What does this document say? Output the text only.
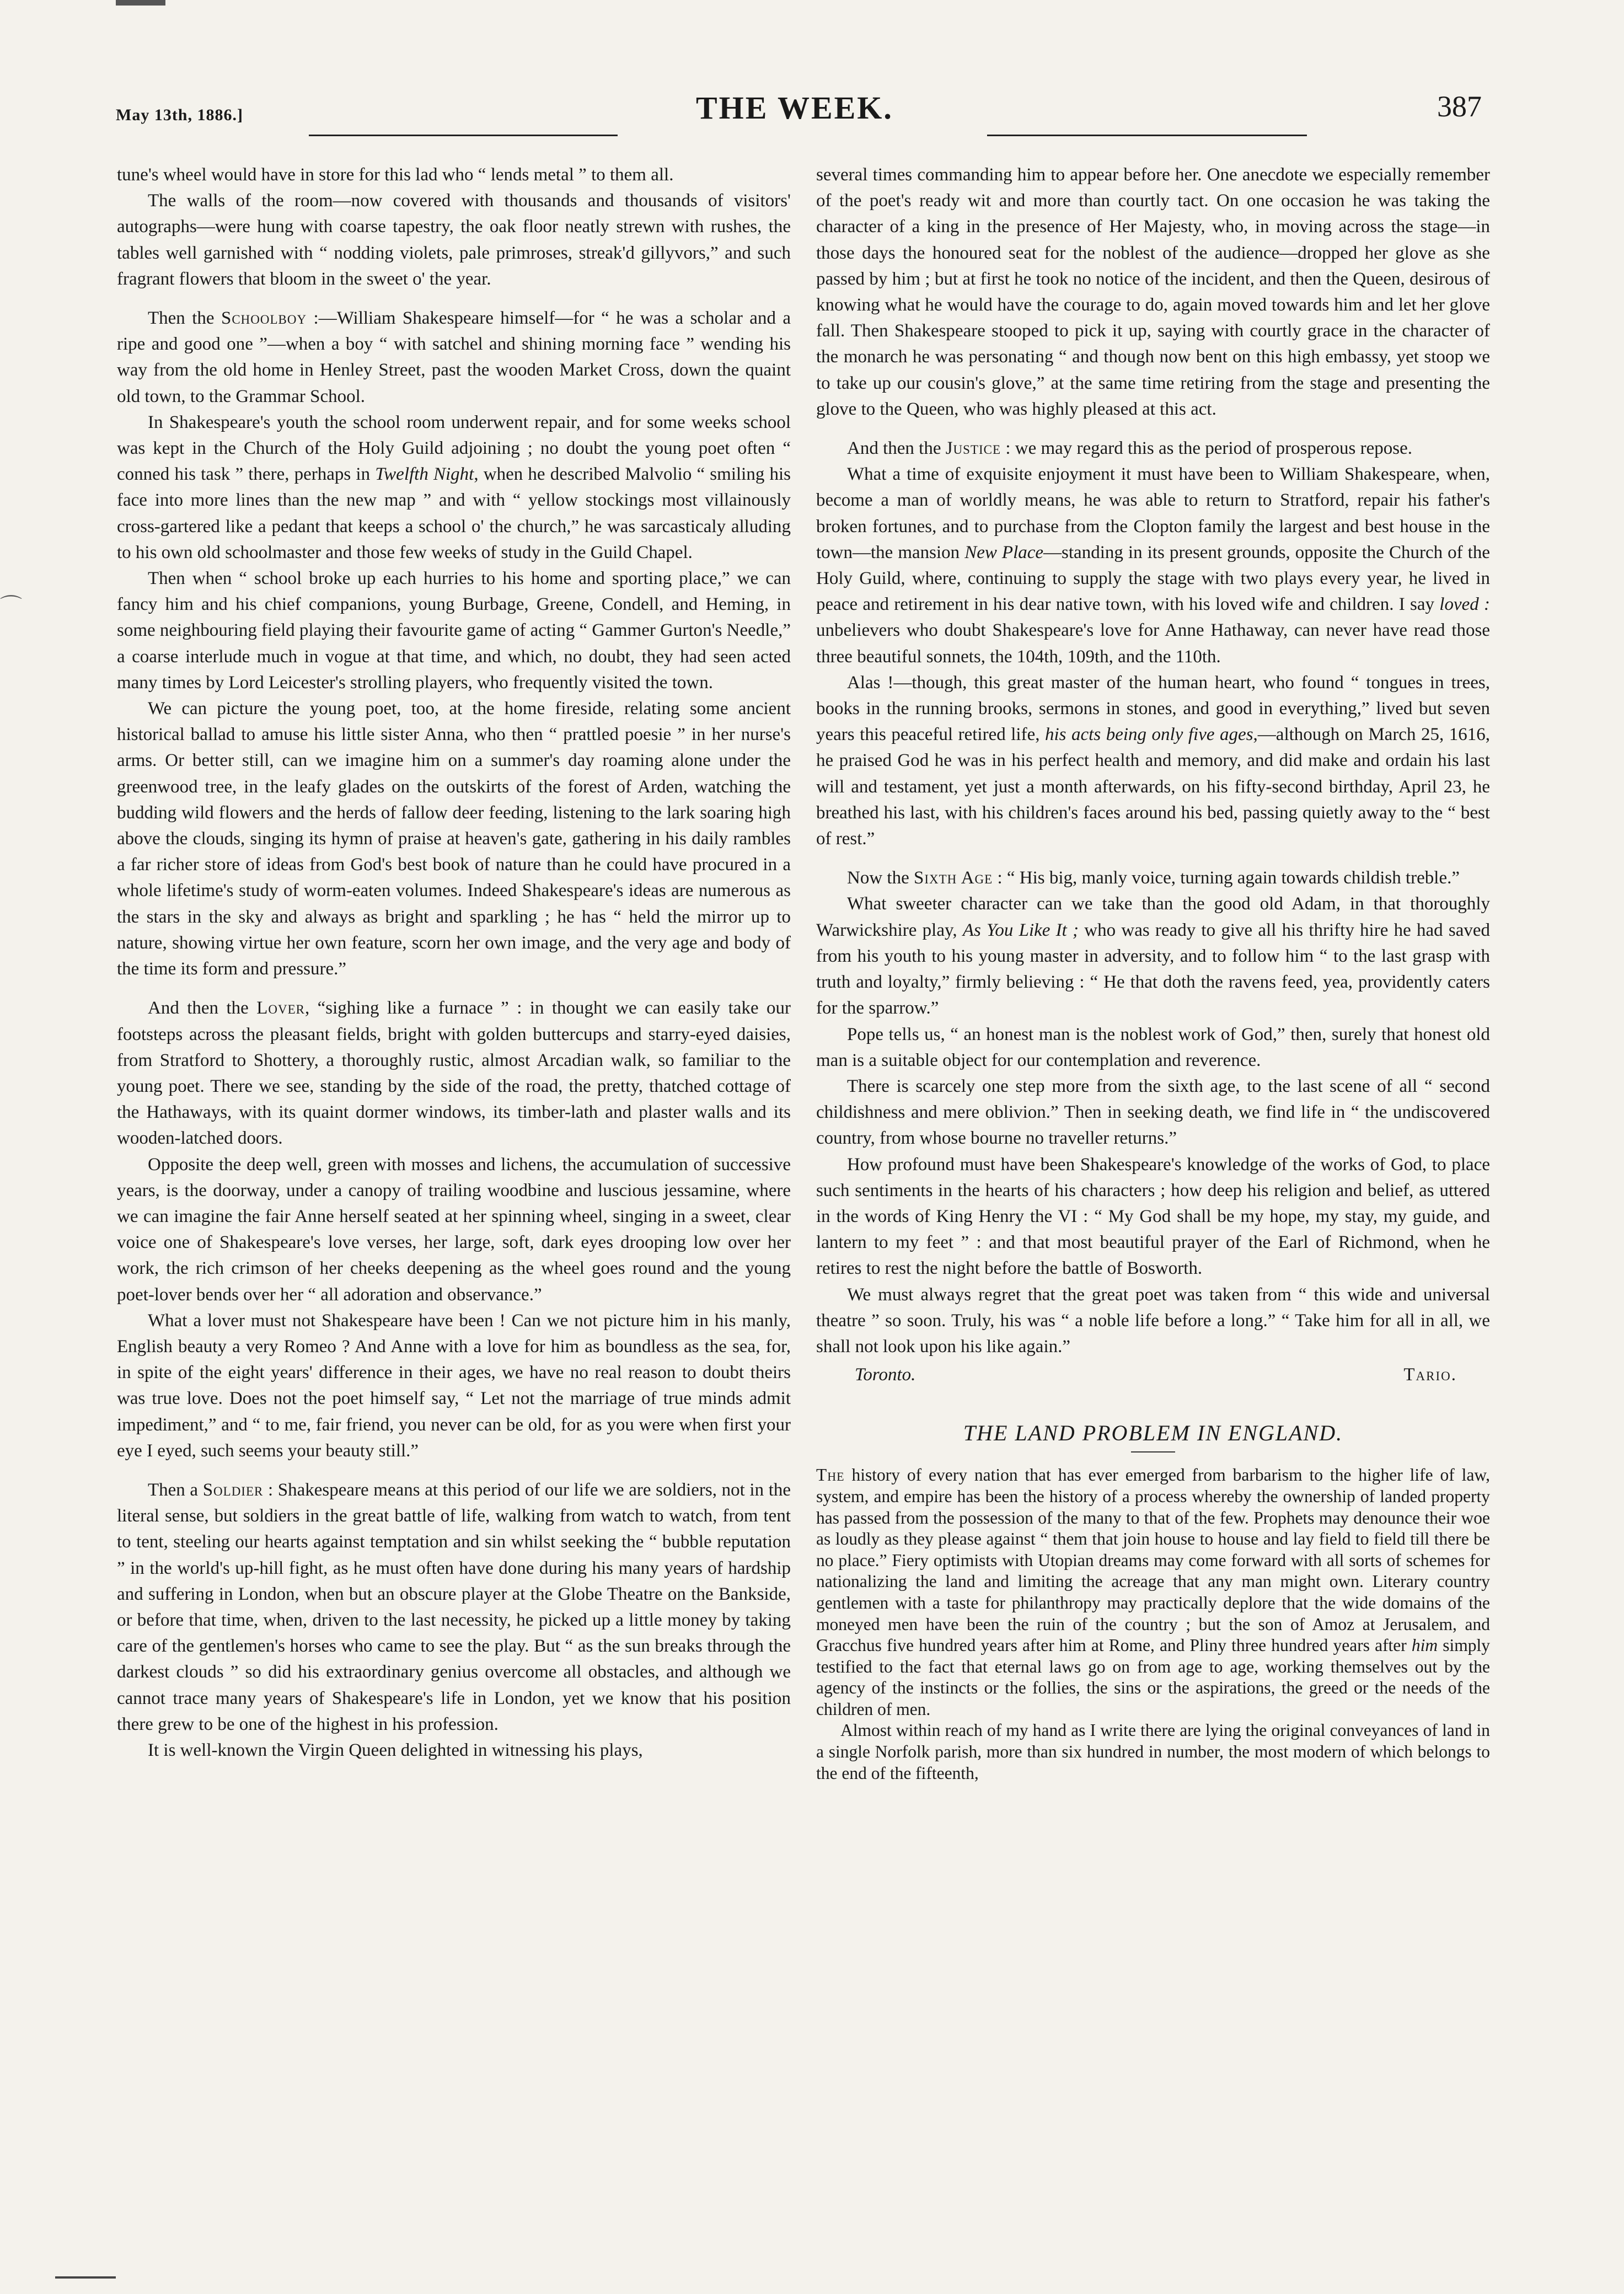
May 13th, 1886.]	THE WEEK.	387
⌒

tune's wheel would have in store for this lad who “ lends metal ” to them all.

The walls of the room—now covered with thousands and thousands of visitors' autographs—were hung with coarse tapestry, the oak floor neatly strewn with rushes, the tables well garnished with “ nodding violets, pale primroses, streak'd gillyvors,” and such fragrant flowers that bloom in the sweet o' the year.

Then the Schoolboy :—William Shakespeare himself—for “ he was a scholar and a ripe and good one ”—when a boy “ with satchel and shining morning face ” wending his way from the old home in Henley Street, past the wooden Market Cross, down the quaint old town, to the Grammar School.

In Shakespeare's youth the school room underwent repair, and for some weeks school was kept in the Church of the Holy Guild adjoining ; no doubt the young poet often “ conned his task ” there, perhaps in Twelfth Night, when he described Malvolio “ smiling his face into more lines than the new map ” and with “ yellow stockings most villainously cross-gartered like a pedant that keeps a school o' the church,” he was sarcasticaly alluding to his own old schoolmaster and those few weeks of study in the Guild Chapel.

Then when “ school broke up each hurries to his home and sporting place,” we can fancy him and his chief companions, young Burbage, Greene, Condell, and Heming, in some neighbouring field playing their favourite game of acting “ Gammer Gurton's Needle,” a coarse interlude much in vogue at that time, and which, no doubt, they had seen acted many times by Lord Leicester's strolling players, who frequently visited the town.

We can picture the young poet, too, at the home fireside, relating some ancient historical ballad to amuse his little sister Anna, who then “ prattled poesie ” in her nurse's arms. Or better still, can we imagine him on a summer's day roaming alone under the greenwood tree, in the leafy glades on the outskirts of the forest of Arden, watching the budding wild flowers and the herds of fallow deer feeding, listening to the lark soaring high above the clouds, singing its hymn of praise at heaven's gate, gathering in his daily rambles a far richer store of ideas from God's best book of nature than he could have procured in a whole lifetime's study of worm-eaten volumes. Indeed Shakespeare's ideas are numerous as the stars in the sky and always as bright and sparkling ; he has “ held the mirror up to nature, showing virtue her own feature, scorn her own image, and the very age and body of the time its form and pressure.”

And then the Lover, “sighing like a furnace ” : in thought we can easily take our footsteps across the pleasant fields, bright with golden buttercups and starry-eyed daisies, from Stratford to Shottery, a thoroughly rustic, almost Arcadian walk, so familiar to the young poet. There we see, standing by the side of the road, the pretty, thatched cottage of the Hathaways, with its quaint dormer windows, its timber-lath and plaster walls and its wooden-latched doors.

Opposite the deep well, green with mosses and lichens, the accumulation of successive years, is the doorway, under a canopy of trailing woodbine and luscious jessamine, where we can imagine the fair Anne herself seated at her spinning wheel, singing in a sweet, clear voice one of Shakespeare's love verses, her large, soft, dark eyes drooping low over her work, the rich crimson of her cheeks deepening as the wheel goes round and the young poet-lover bends over her “ all adoration and observance.”

What a lover must not Shakespeare have been ! Can we not picture him in his manly, English beauty a very Romeo ? And Anne with a love for him as boundless as the sea, for, in spite of the eight years' difference in their ages, we have no real reason to doubt theirs was true love. Does not the poet himself say, “ Let not the marriage of true minds admit impediment,” and “ to me, fair friend, you never can be old, for as you were when first your eye I eyed, such seems your beauty still.”

Then a Soldier : Shakespeare means at this period of our life we are soldiers, not in the literal sense, but soldiers in the great battle of life, walking from watch to watch, from tent to tent, steeling our hearts against temptation and sin whilst seeking the “ bubble reputation ” in the world's up-hill fight, as he must often have done during his many years of hardship and suffering in London, when but an obscure player at the Globe Theatre on the Bankside, or before that time, when, driven to the last necessity, he picked up a little money by taking care of the gentlemen's horses who came to see the play. But “ as the sun breaks through the darkest clouds ” so did his extraordinary genius overcome all obstacles, and although we cannot trace many years of Shakespeare's life in London, yet we know that his position there grew to be one of the highest in his profession.

It is well-known the Virgin Queen delighted in witnessing his plays,

several times commanding him to appear before her. One anecdote we especially remember of the poet's ready wit and more than courtly tact. On one occasion he was taking the character of a king in the presence of Her Majesty, who, in moving across the stage—in those days the honoured seat for the noblest of the audience—dropped her glove as she passed by him ; but at first he took no notice of the incident, and then the Queen, desirous of knowing what he would have the courage to do, again moved towards him and let her glove fall. Then Shakespeare stooped to pick it up, saying with courtly grace in the character of the monarch he was personating “ and though now bent on this high embassy, yet stoop we to take up our cousin's glove,” at the same time retiring from the stage and presenting the glove to the Queen, who was highly pleased at this act.

And then the Justice : we may regard this as the period of prosperous repose.

What a time of exquisite enjoyment it must have been to William Shakespeare, when, become a man of worldly means, he was able to return to Stratford, repair his father's broken fortunes, and to purchase from the Clopton family the largest and best house in the town—the mansion New Place—standing in its present grounds, opposite the Church of the Holy Guild, where, continuing to supply the stage with two plays every year, he lived in peace and retirement in his dear native town, with his loved wife and children. I say loved : unbelievers who doubt Shakespeare's love for Anne Hathaway, can never have read those three beautiful sonnets, the 104th, 109th, and the 110th.

Alas !—though, this great master of the human heart, who found “ tongues in trees, books in the running brooks, sermons in stones, and good in everything,” lived but seven years this peaceful retired life, his acts being only five ages,—although on March 25, 1616, he praised God he was in his perfect health and memory, and did make and ordain his last will and testament, yet just a month afterwards, on his fifty-second birthday, April 23, he breathed his last, with his children's faces around his bed, passing quietly away to the “ best of rest.”

Now the Sixth Age : “ His big, manly voice, turning again towards childish treble.”

What sweeter character can we take than the good old Adam, in that thoroughly Warwickshire play, As You Like It ; who was ready to give all his thrifty hire he had saved from his youth to his young master in adversity, and to follow him “ to the last grasp with truth and loyalty,” firmly believing : “ He that doth the ravens feed, yea, providently caters for the sparrow.”

Pope tells us, “ an honest man is the noblest work of God,” then, surely that honest old man is a suitable object for our contemplation and reverence.

There is scarcely one step more from the sixth age, to the last scene of all “ second childishness and mere oblivion.” Then in seeking death, we find life in “ the undiscovered country, from whose bourne no traveller returns.”

How profound must have been Shakespeare's knowledge of the works of God, to place such sentiments in the hearts of his characters ; how deep his religion and belief, as uttered in the words of King Henry the VI : “ My God shall be my hope, my stay, my guide, and lantern to my feet ” : and that most beautiful prayer of the Earl of Richmond, when he retires to rest the night before the battle of Bosworth.

We must always regret that the great poet was taken from “ this wide and universal theatre ” so soon. Truly, his was “ a noble life before a long.” “ Take him for all in all, we shall not look upon his like again.”

Toronto.	Tario.
THE LAND PROBLEM IN ENGLAND.

The history of every nation that has ever emerged from barbarism to the higher life of law, system, and empire has been the history of a process whereby the ownership of landed property has passed from the possession of the many to that of the few. Prophets may denounce their woe as loudly as they please against “ them that join house to house and lay field to field till there be no place.” Fiery optimists with Utopian dreams may come forward with all sorts of schemes for nationalizing the land and limiting the acreage that any man might own. Literary country gentlemen with a taste for philanthropy may practically deplore that the wide domains of the moneyed men have been the ruin of the country ; but the son of Amoz at Jerusalem, and Gracchus five hundred years after him at Rome, and Pliny three hundred years after him simply testified to the fact that eternal laws go on from age to age, working themselves out by the agency of the instincts or the follies, the sins or the aspirations, the greed or the needs of the children of men.

Almost within reach of my hand as I write there are lying the original conveyances of land in a single Norfolk parish, more than six hundred in number, the most modern of which belongs to the end of the fifteenth,
